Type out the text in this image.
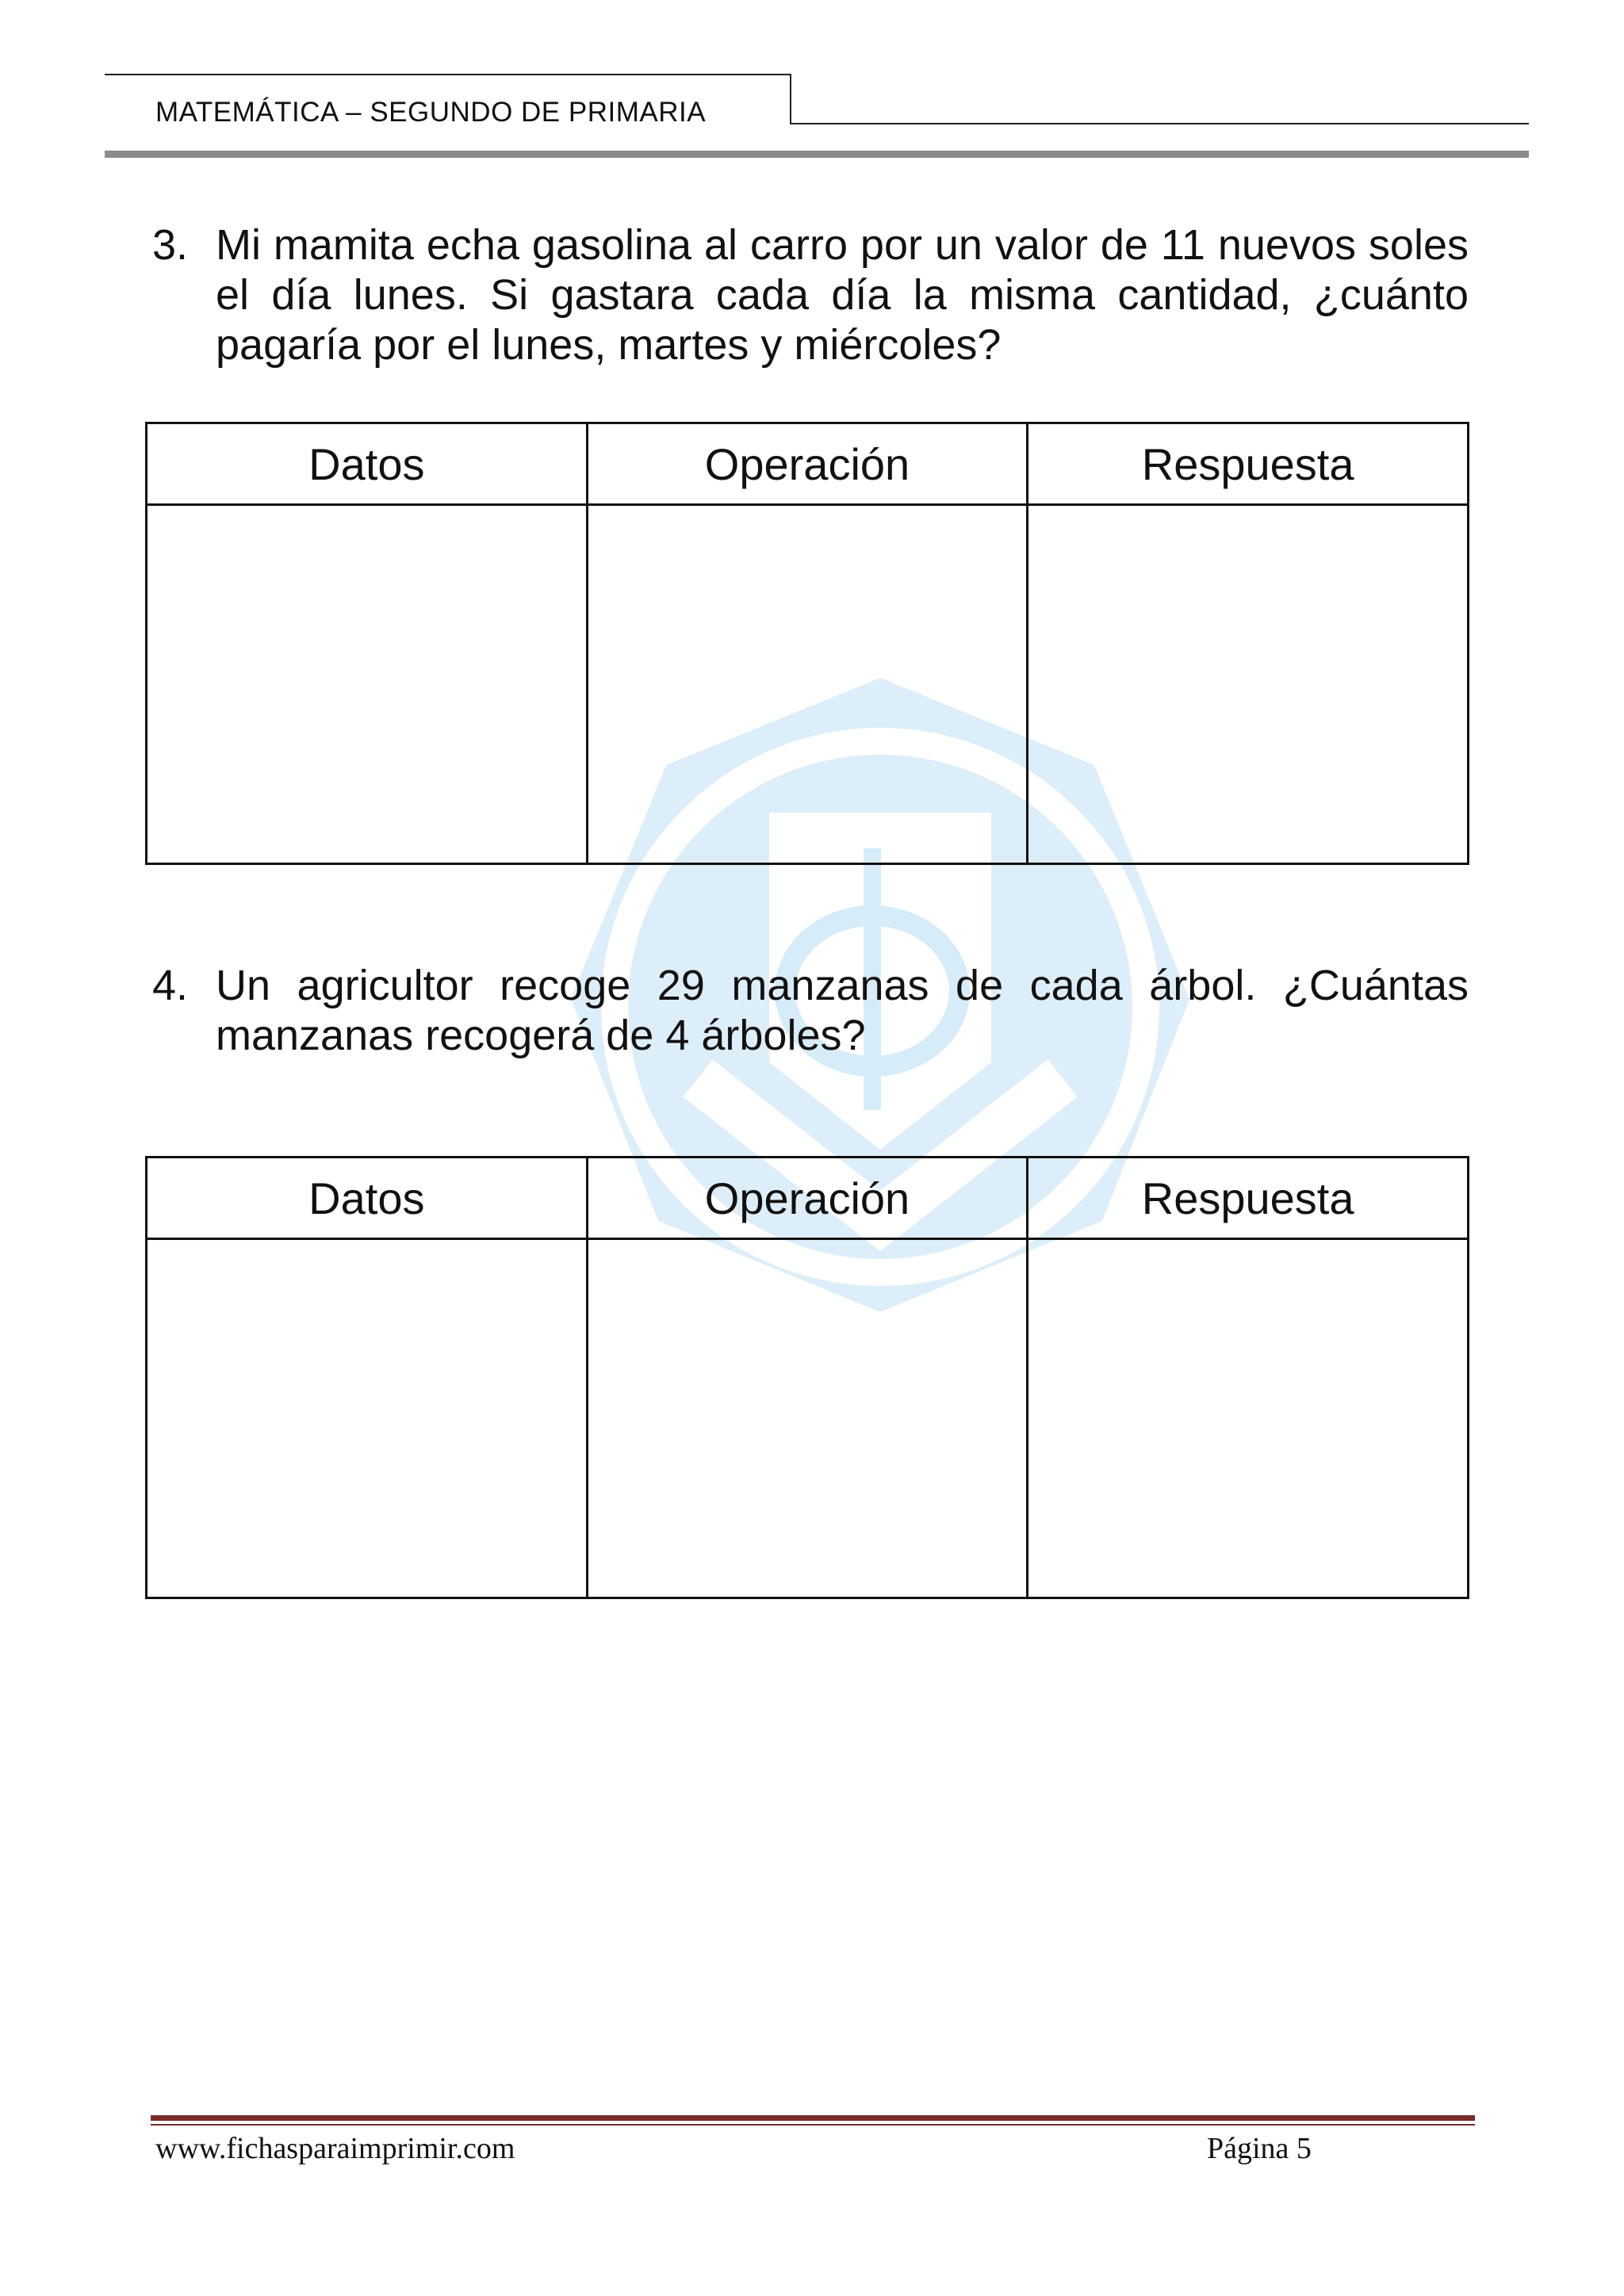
MATEMÁTICA – SEGUNDO DE PRIMARIA
3. Mi mamita echa gasolina al carro por un valor de 11 nuevos soles el día lunes. Si gastara cada día la misma cantidad, ¿cuánto pagaría por el lunes, martes y miércoles?
Datos	Operación	Respuesta

4. Un agricultor recoge 29 manzanas de cada árbol. ¿Cuántas manzanas recogerá de 4 árboles?
Datos	Operación	Respuesta

www.fichasparaimprimir.com	Página 5
